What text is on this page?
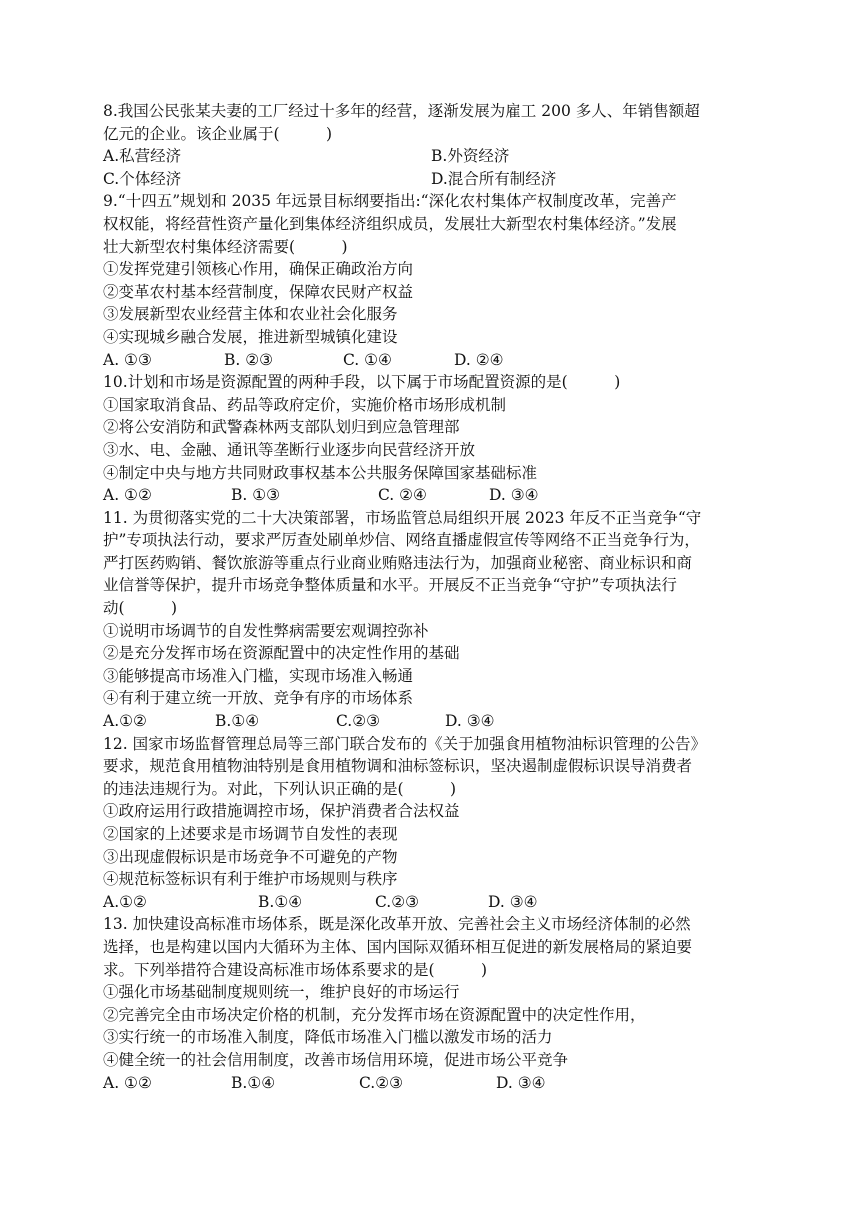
8.我国公民张某夫妻的工厂经过十多年的经营，逐渐发展为雇工 200 多人、年销售额超
亿元的企业。该企业属于(　　　)
A.私营经济	B.外资经济
C.个体经济	D.混合所有制经济
9.“十四五”规划和 2035 年远景目标纲要指出:“深化农村集体产权制度改革，完善产
权权能，将经营性资产量化到集体经济组织成员，发展壮大新型农村集体经济。”发展
壮大新型农村集体经济需要(　　　)
①发挥党建引领核心作用，确保正确政治方向
②变革农村基本经营制度，保障农民财产权益
③发展新型农业经营主体和农业社会化服务
④实现城乡融合发展，推进新型城镇化建设
A. ①③	B. ②③	C. ①④	D. ②④
10.计划和市场是资源配置的两种手段，以下属于市场配置资源的是(　　　)
①国家取消食品、药品等政府定价，实施价格市场形成机制
②将公安消防和武警森林两支部队划归到应急管理部
③水、电、金融、通讯等垄断行业逐步向民营经济开放
④制定中央与地方共同财政事权基本公共服务保障国家基础标准
A. ①②	B. ①③	C. ②④	D. ③④
11. 为贯彻落实党的二十大决策部署，市场监管总局组织开展 2023 年反不正当竞争“守
护”专项执法行动，要求严厉查处刷单炒信、网络直播虚假宣传等网络不正当竞争行为，
严打医药购销、餐饮旅游等重点行业商业贿赂违法行为，加强商业秘密、商业标识和商
业信誉等保护，提升市场竞争整体质量和水平。开展反不正当竞争“守护”专项执法行
动(　　　)
①说明市场调节的自发性弊病需要宏观调控弥补
②是充分发挥市场在资源配置中的决定性作用的基础
③能够提高市场准入门槛，实现市场准入畅通
④有利于建立统一开放、竞争有序的市场体系
A.①②	B.①④	C.②③	D. ③④
12. 国家市场监督管理总局等三部门联合发布的《关于加强食用植物油标识管理的公告》
要求，规范食用植物油特别是食用植物调和油标签标识，坚决遏制虚假标识误导消费者
的违法违规行为。对此，下列认识正确的是(　　　)
①政府运用行政措施调控市场，保护消费者合法权益
②国家的上述要求是市场调节自发性的表现
③出现虚假标识是市场竞争不可避免的产物
④规范标签标识有利于维护市场规则与秩序
A.①②	B.①④	C.②③	D. ③④
13. 加快建设高标准市场体系，既是深化改革开放、完善社会主义市场经济体制的必然
选择，也是构建以国内大循环为主体、国内国际双循环相互促进的新发展格局的紧迫要
求。下列举措符合建设高标准市场体系要求的是(　　　)
①强化市场基础制度规则统一，维护良好的市场运行
②完善完全由市场决定价格的机制，充分发挥市场在资源配置中的决定性作用，
③实行统一的市场准入制度，降低市场准入门槛以激发市场的活力
④健全统一的社会信用制度，改善市场信用环境，促进市场公平竞争
A. ①②	B.①④	C.②③	D. ③④
